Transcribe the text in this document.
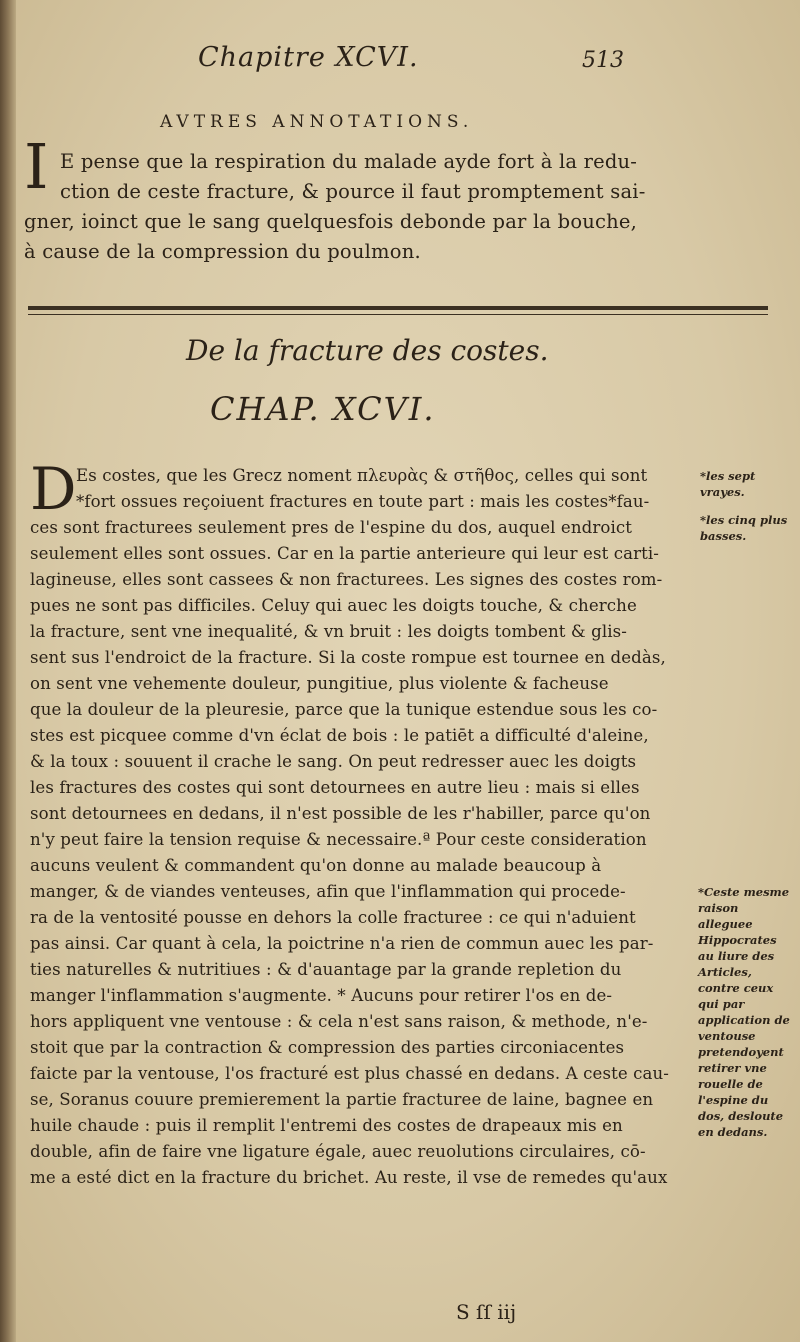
Chapitre XCVI.	513
AVTRES ANNOTATIONS.
I E pense que la respiration du malade ayde fort à la redu-
ction de ceste fracture, & pource il faut promptement sai-
gner, ioinct que le sang quelquesfois debonde par la bouche,
à cause de la compression du poulmon.
De la fracture des costes.
CHAP. XCVI.
D Es costes, que les Grecz noment πλευρὰς & στῆθος, celles qui sont
*fort ossues reçoiuent fractures en toute part : mais les costes*fau-
ces sont fracturees seulement pres de l'espine du dos, auquel endroict
seulement elles sont ossues. Car en la partie anterieure qui leur est carti-
lagineuse, elles sont cassees & non fracturees. Les signes des costes rom-
pues ne sont pas difficiles. Celuy qui auec les doigts touche, & cherche
la fracture, sent vne inequalité, & vn bruit : les doigts tombent & glis-
sent sus l'endroict de la fracture. Si la coste rompue est tournee en dedàs,
on sent vne vehemente douleur, pungitiue, plus violente & facheuse
que la douleur de la pleuresie, parce que la tunique estendue sous les co-
stes est picquee comme d'vn éclat de bois : le patiēt a difficulté d'aleine,
& la toux : souuent il crache le sang. On peut redresser auec les doigts
les fractures des costes qui sont detournees en autre lieu : mais si elles
sont detournees en dedans, il n'est possible de les r'habiller, parce qu'on
n'y peut faire la tension requise & necessaire.ª Pour ceste consideration
aucuns veulent & commandent qu'on donne au malade beaucoup à
manger, & de viandes venteuses, afin que l'inflammation qui procede-
ra de la ventosité pousse en dehors la colle fracturee : ce qui n'aduient
pas ainsi. Car quant à cela, la poictrine n'a rien de commun auec les par-
ties naturelles & nutritiues : & d'auantage par la grande repletion du
manger l'inflammation s'augmente. * Aucuns pour retirer l'os en de-
hors appliquent vne ventouse : & cela n'est sans raison, & methode, n'e-
stoit que par la contraction & compression des parties circoniacentes
faicte par la ventouse, l'os fracturé est plus chassé en dedans. A ceste cau-
se, Soranus couure premierement la partie fracturee de laine, bagnee en
huile chaude : puis il remplit l'entremi des costes de drapeaux mis en
double, afin de faire vne ligature égale, auec reuolutions circulaires, cō-
me a esté dict en la fracture du brichet. Au reste, il vse de remedes qu'aux
*les sept vrayes.
*les cinq plus basses.
*Ceste mesme raison alleguee Hippocrates au liure des Articles, contre ceux qui par application de ventouse pretendoyent retirer vne rouelle de l'espine du dos, desloute en dedans.
S ſſ iij
